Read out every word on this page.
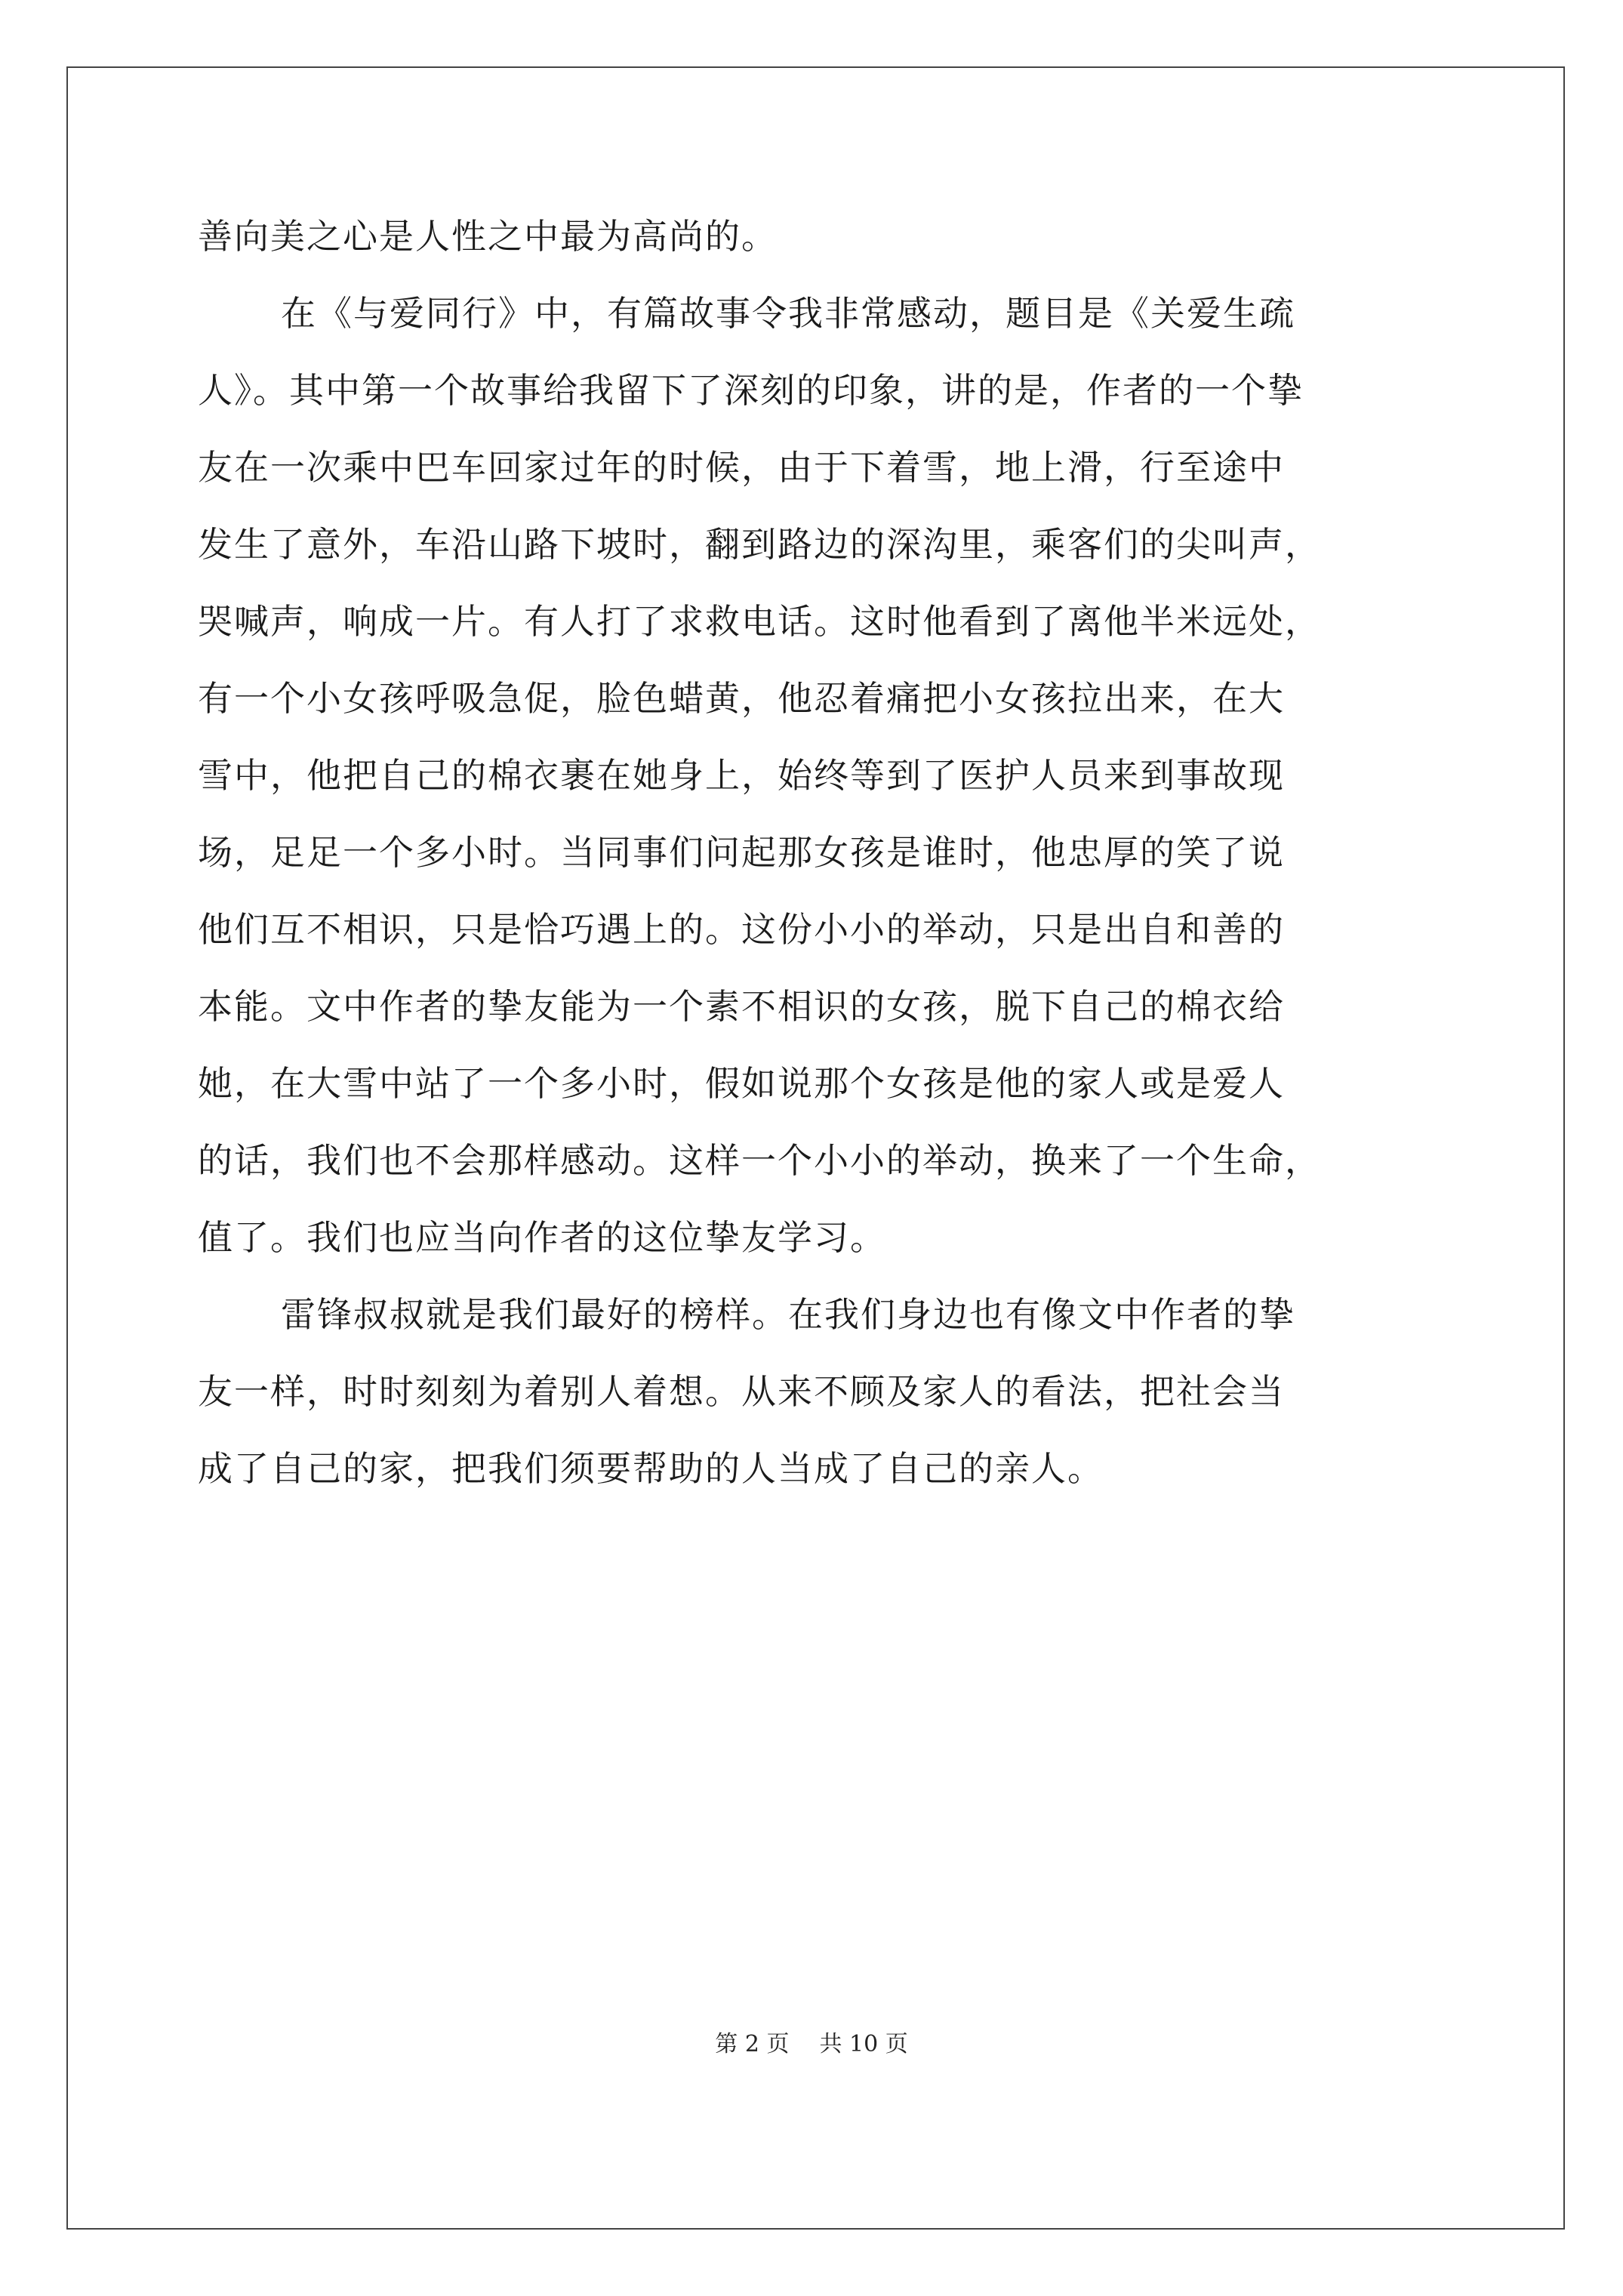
善向美之心是人性之中最为高尚的。
在《与爱同行》中，有篇故事令我非常感动，题目是《关爱生疏
人》。其中第一个故事给我留下了深刻的印象，讲的是，作者的一个挚
友在一次乘中巴车回家过年的时候，由于下着雪，地上滑，行至途中
发生了意外，车沿山路下坡时，翻到路边的深沟里，乘客们的尖叫声，
哭喊声，响成一片。有人打了求救电话。这时他看到了离他半米远处，
有一个小女孩呼吸急促，脸色蜡黄，他忍着痛把小女孩拉出来，在大
雪中，他把自己的棉衣裹在她身上，始终等到了医护人员来到事故现
场，足足一个多小时。当同事们问起那女孩是谁时，他忠厚的笑了说
他们互不相识，只是恰巧遇上的。这份小小的举动，只是出自和善的
本能。文中作者的挚友能为一个素不相识的女孩，脱下自己的棉衣给
她，在大雪中站了一个多小时，假如说那个女孩是他的家人或是爱人
的话，我们也不会那样感动。这样一个小小的举动，换来了一个生命，
值了。我们也应当向作者的这位挚友学习。
雷锋叔叔就是我们最好的榜样。在我们身边也有像文中作者的挚
友一样，时时刻刻为着别人着想。从来不顾及家人的看法，把社会当
成了自己的家，把我们须要帮助的人当成了自己的亲人。
第 2 页 共 10 页
